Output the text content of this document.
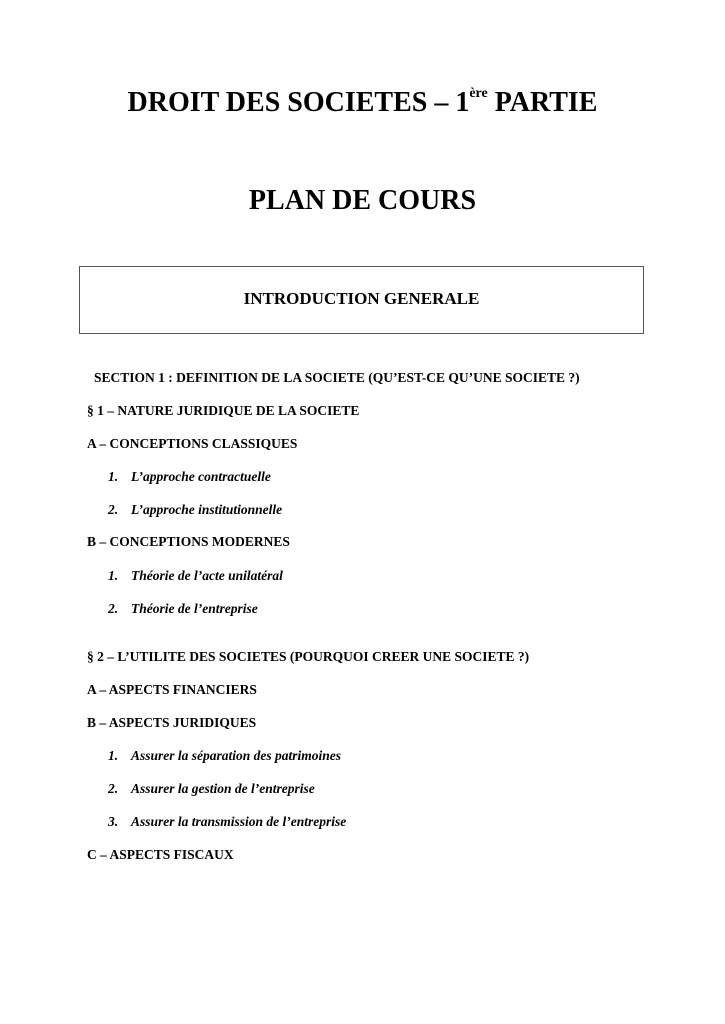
DROIT DES SOCIETES – 1ère PARTIE
PLAN DE COURS
INTRODUCTION GENERALE
SECTION 1 : DEFINITION DE LA SOCIETE (QU’EST-CE QU’UNE SOCIETE ?)
§ 1 – NATURE JURIDIQUE DE LA SOCIETE
A – CONCEPTIONS CLASSIQUES
1. L’approche contractuelle
2. L’approche institutionnelle
B – CONCEPTIONS MODERNES
1. Théorie de l’acte unilatéral
2. Théorie de l’entreprise
§ 2 – L’UTILITE DES SOCIETES (POURQUOI CREER UNE SOCIETE ?)
A – ASPECTS FINANCIERS
B – ASPECTS JURIDIQUES
1. Assurer la séparation des patrimoines
2. Assurer la gestion de l’entreprise
3. Assurer la transmission de l’entreprise
C – ASPECTS FISCAUX
